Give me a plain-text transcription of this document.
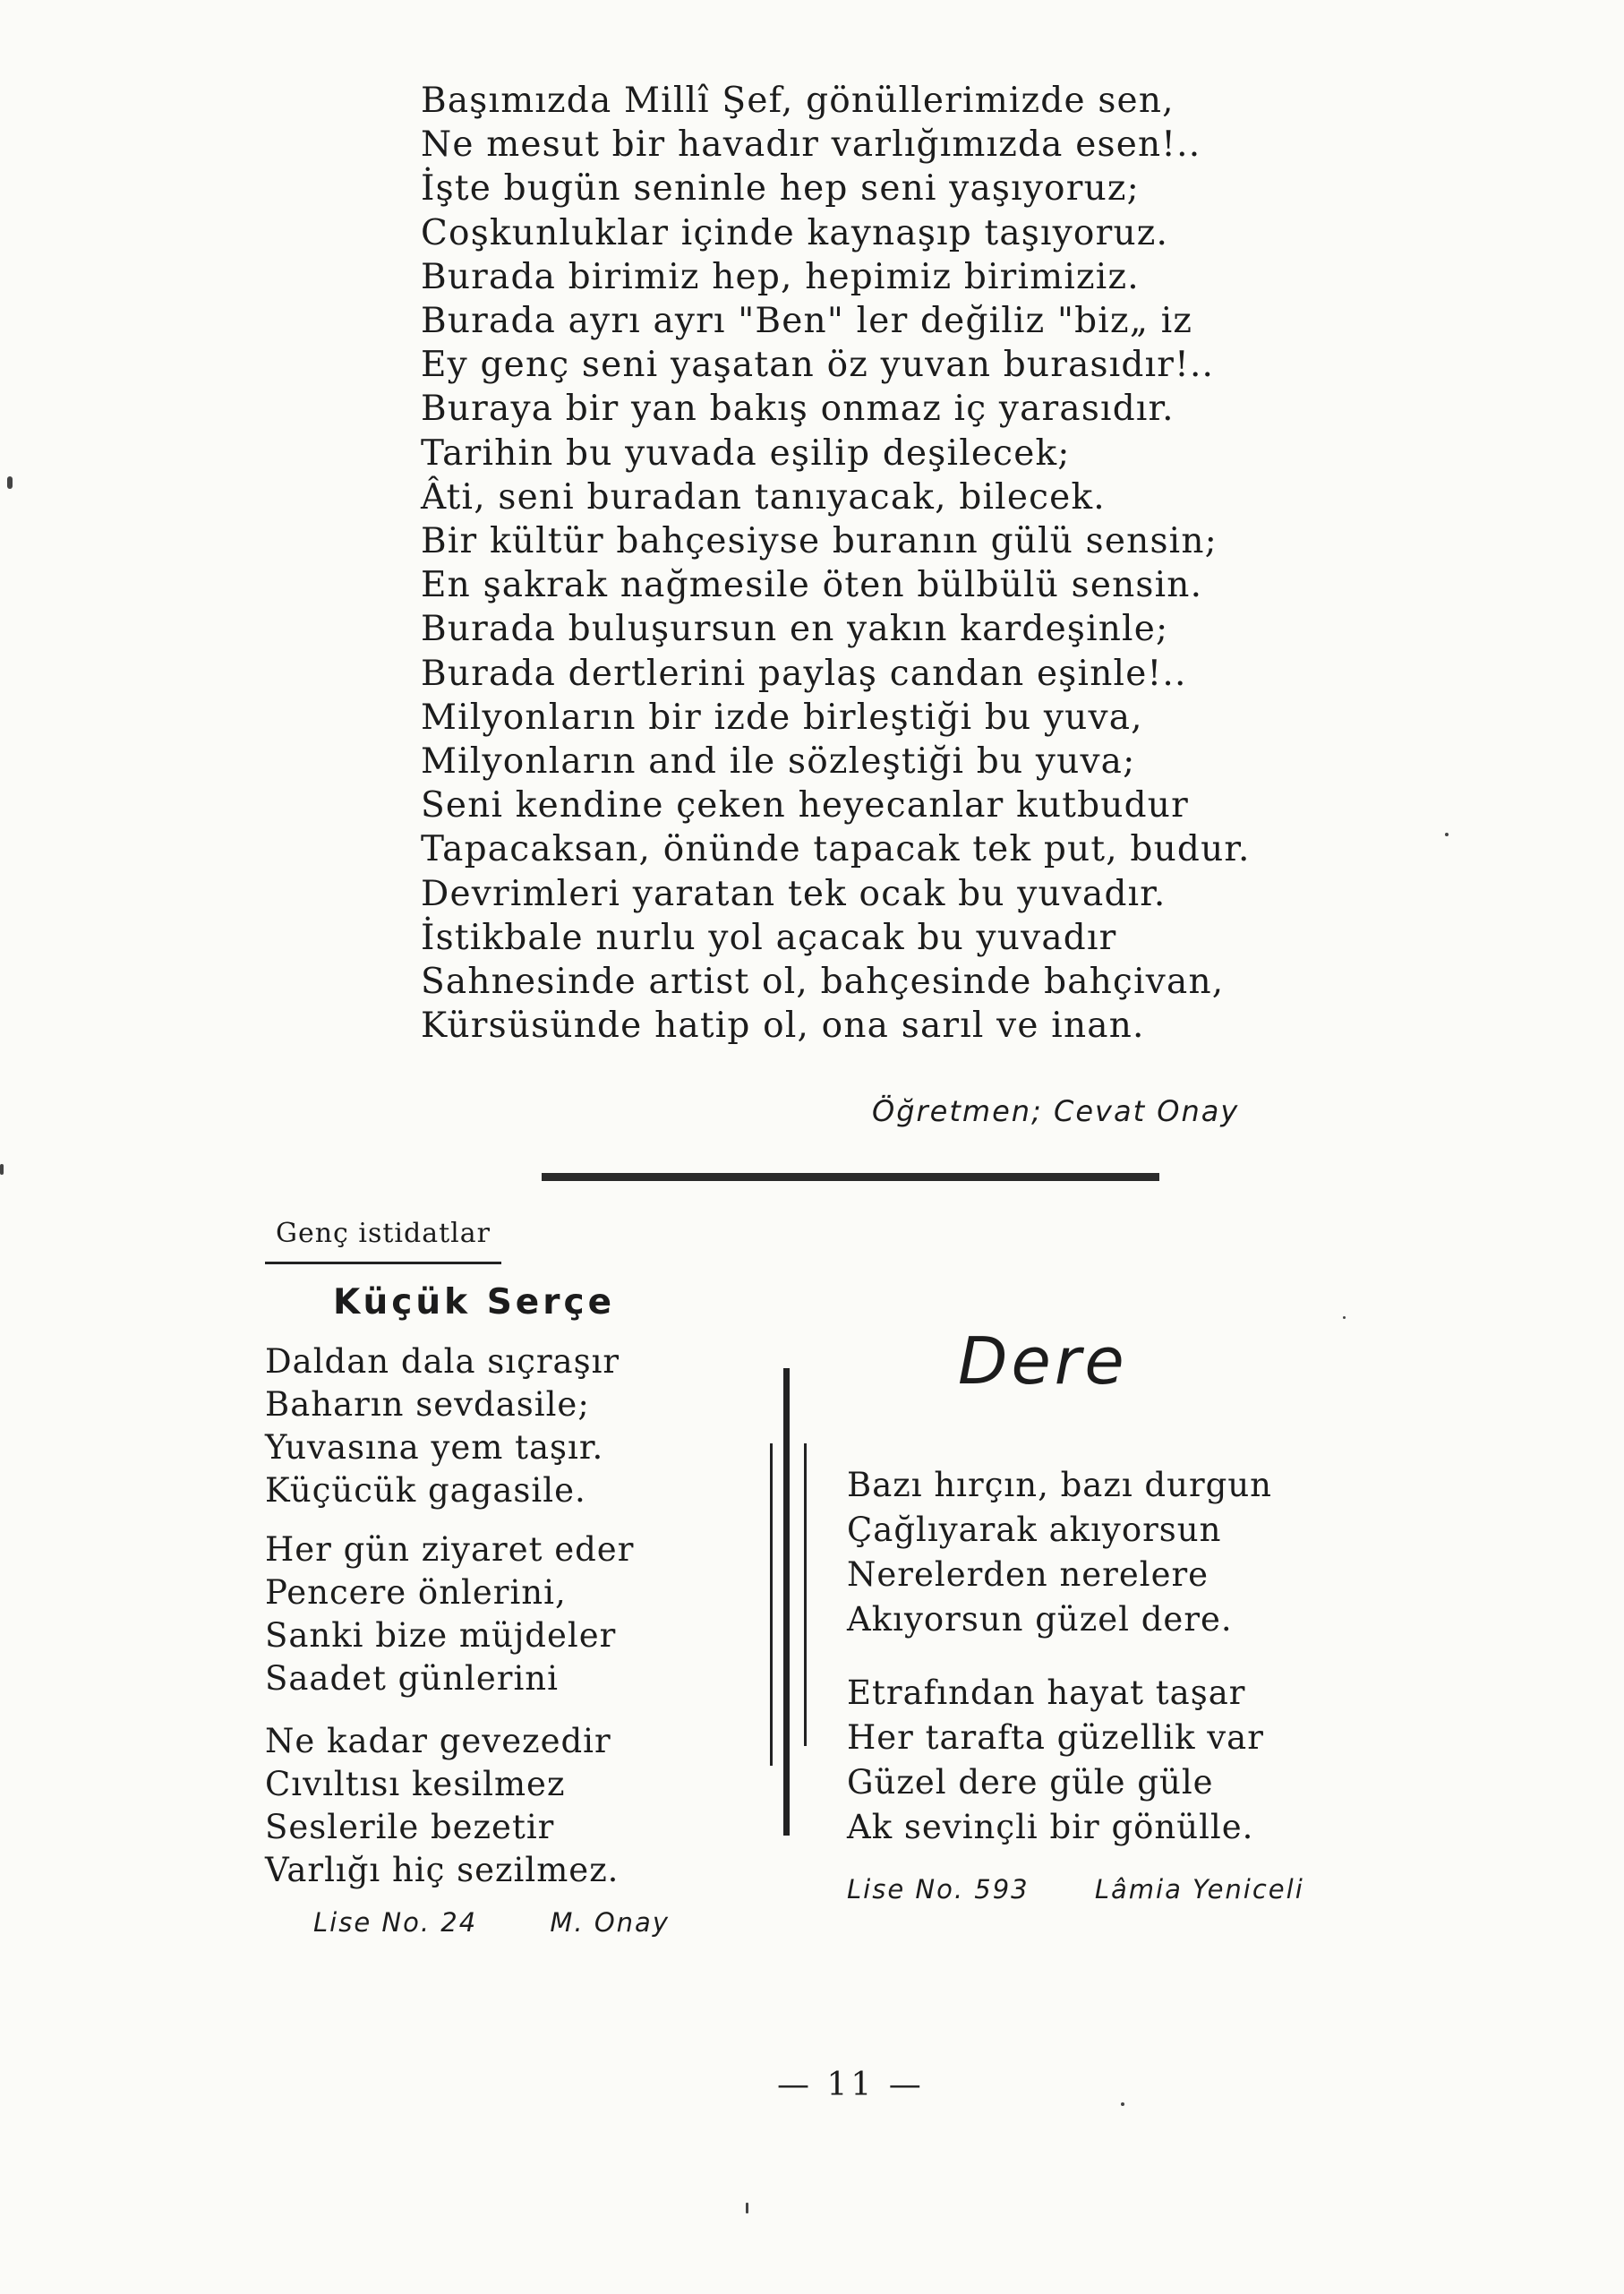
Başımızda Millî Şef, gönüllerimizde sen,
Ne mesut bir havadır varlığımızda esen!..
İşte bugün seninle hep seni yaşıyoruz;
Coşkunluklar içinde kaynaşıp taşıyoruz.
Burada birimiz hep, hepimiz birimiziz.
Burada ayrı ayrı "Ben" ler değiliz "biz„ iz
Ey genç seni yaşatan öz yuvan burasıdır!..
Buraya bir yan bakış onmaz iç yarasıdır.
Tarihin bu yuvada eşilip deşilecek;
Âti, seni buradan tanıyacak, bilecek.
Bir kültür bahçesiyse buranın gülü sensin;
En şakrak nağmesile öten bülbülü sensin.
Burada buluşursun en yakın kardeşinle;
Burada dertlerini paylaş candan eşinle!..
Milyonların bir izde birleştiği bu yuva,
Milyonların and ile sözleştiği bu yuva;
Seni kendine çeken heyecanlar kutbudur
Tapacaksan, önünde tapacak tek put, budur.
Devrimleri yaratan tek ocak bu yuvadır.
İstikbale nurlu yol açacak bu yuvadır
Sahnesinde artist ol, bahçesinde bahçivan,
Kürsüsünde hatip ol, ona sarıl ve inan.
Öğretmen; Cevat Onay
Genç istidatlar
Küçük Serçe
Daldan dala sıçraşır
Baharın sevdasile;
Yuvasına yem taşır.
Küçücük gagasile.
Her gün ziyaret eder
Pencere önlerini,
Sanki bize müjdeler
Saadet günlerini
Ne kadar gevezedir
Cıvıltısı kesilmez
Seslerile bezetir
Varlığı hiç sezilmez.
Lise No. 24	M. Onay
Dere
Bazı hırçın, bazı durgun
Çağlıyarak akıyorsun
Nerelerden nerelere
Akıyorsun güzel dere.
Etrafından hayat taşar
Her tarafta güzellik var
Güzel dere güle güle
Ak sevinçli bir gönülle.
Lise No. 593	Lâmia Yeniceli
— 11 —
